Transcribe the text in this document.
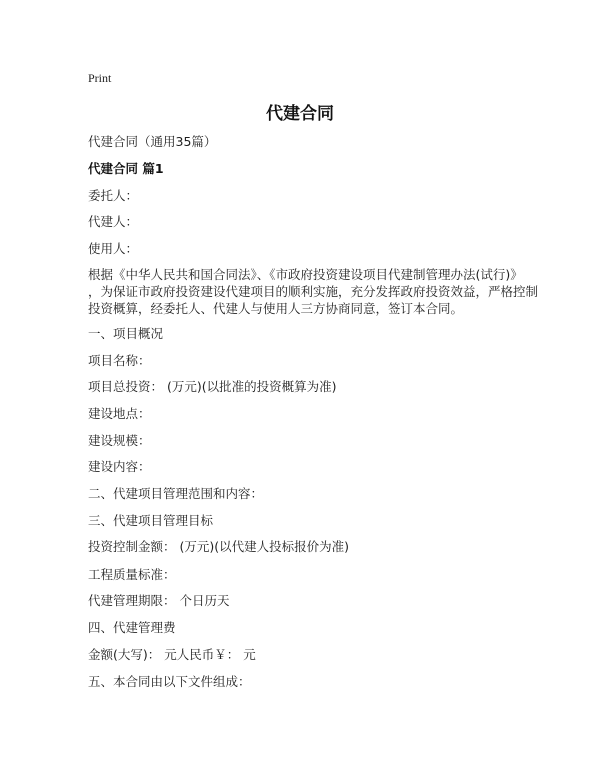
Print
代建合同
代建合同（通用35篇）
代建合同 篇1
委托人：
代建人：
使用人：
根据《中华人民共和国合同法》、《市政府投资建设项目代建制管理办法(试行)》
，为保证市政府投资建设代建项目的顺利实施，充分发挥政府投资效益，严格控制
投资概算，经委托人、代建人与使用人三方协商同意，签订本合同。
一、项目概况
项目名称：
项目总投资： (万元)(以批准的投资概算为准)
建设地点：
建设规模：
建设内容：
二、代建项目管理范围和内容：
三、代建项目管理目标
投资控制金额： (万元)(以代建人投标报价为准)
工程质量标准：
代建管理期限： 个日历天
四、代建管理费
金额(大写)： 元人民币￥： 元
五、本合同由以下文件组成：
